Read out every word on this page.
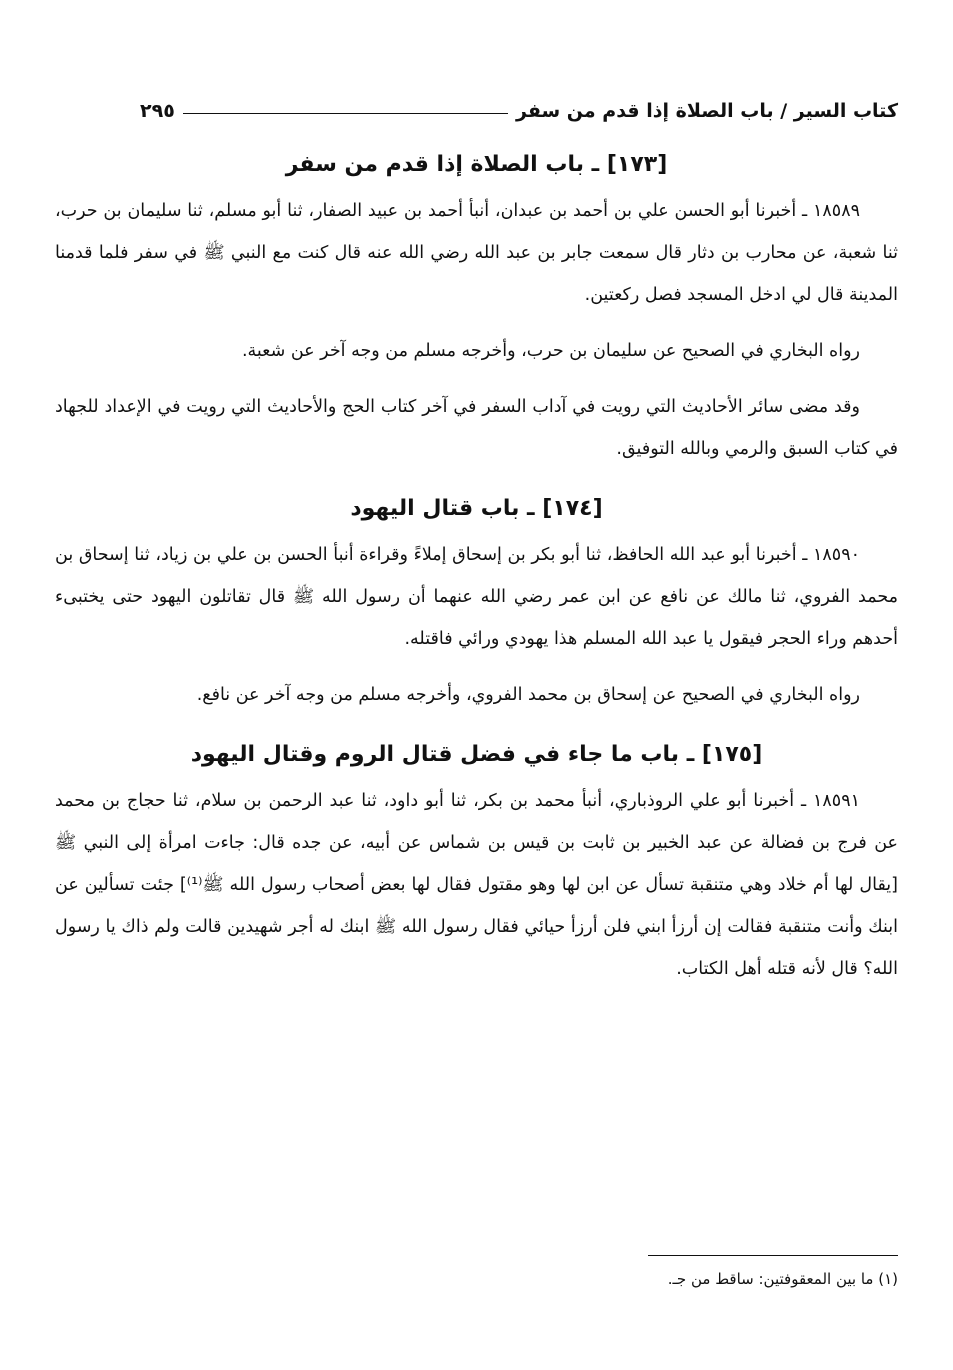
كتاب السير / باب الصلاة إذا قدم من سفر
٢٩٥
[١٧٣] ـ باب الصلاة إذا قدم من سفر

١٨٥٨٩ ـ أخبرنا أبو الحسن علي بن أحمد بن عبدان، أنبأ أحمد بن عبيد الصفار، ثنا أبو مسلم، ثنا سليمان بن حرب، ثنا شعبة، عن محارب بن دثار قال سمعت جابر بن عبد الله رضي الله عنه قال كنت مع النبي ﷺ في سفر فلما قدمنا المدينة قال لي ادخل المسجد فصل ركعتين.

رواه البخاري في الصحيح عن سليمان بن حرب، وأخرجه مسلم من وجه آخر عن شعبة.

وقد مضى سائر الأحاديث التي رويت في آداب السفر في آخر كتاب الحج والأحاديث التي رويت في الإعداد للجهاد في كتاب السبق والرمي وبالله التوفيق.

[١٧٤] ـ باب قتال اليهود

١٨٥٩٠ ـ أخبرنا أبو عبد الله الحافظ، ثنا أبو بكر بن إسحاق إملاءً وقراءة أنبأ الحسن بن علي بن زياد، ثنا إسحاق بن محمد الفروي، ثنا مالك عن نافع عن ابن عمر رضي الله عنهما أن رسول الله ﷺ قال تقاتلون اليهود حتى يختبىء أحدهم وراء الحجر فيقول يا عبد الله المسلم هذا يهودي ورائي فاقتله.

رواه البخاري في الصحيح عن إسحاق بن محمد الفروي، وأخرجه مسلم من وجه آخر عن نافع.

[١٧٥] ـ باب ما جاء في فضل قتال الروم وقتال اليهود

١٨٥٩١ ـ أخبرنا أبو علي الروذباري، أنبأ محمد بن بكر، ثنا أبو داود، ثنا عبد الرحمن بن سلام، ثنا حجاج بن محمد عن فرج بن فضالة عن عبد الخبير بن ثابت بن قيس بن شماس عن أبيه، عن جده قال: جاءت امرأة إلى النبي ﷺ [يقال لها أم خلاد وهي متنقبة تسأل عن ابن لها وهو مقتول فقال لها بعض أصحاب رسول الله ﷺ⁽¹⁾] جئت تسألين عن ابنك وأنت متنقبة فقالت إن أرزأ ابني فلن أرزأ حيائي فقال رسول الله ﷺ ابنك له أجر شهيدين قالت ولم ذاك يا رسول الله؟ قال لأنه قتله أهل الكتاب.

(١) ما بين المعقوفتين: ساقط من جـ.
